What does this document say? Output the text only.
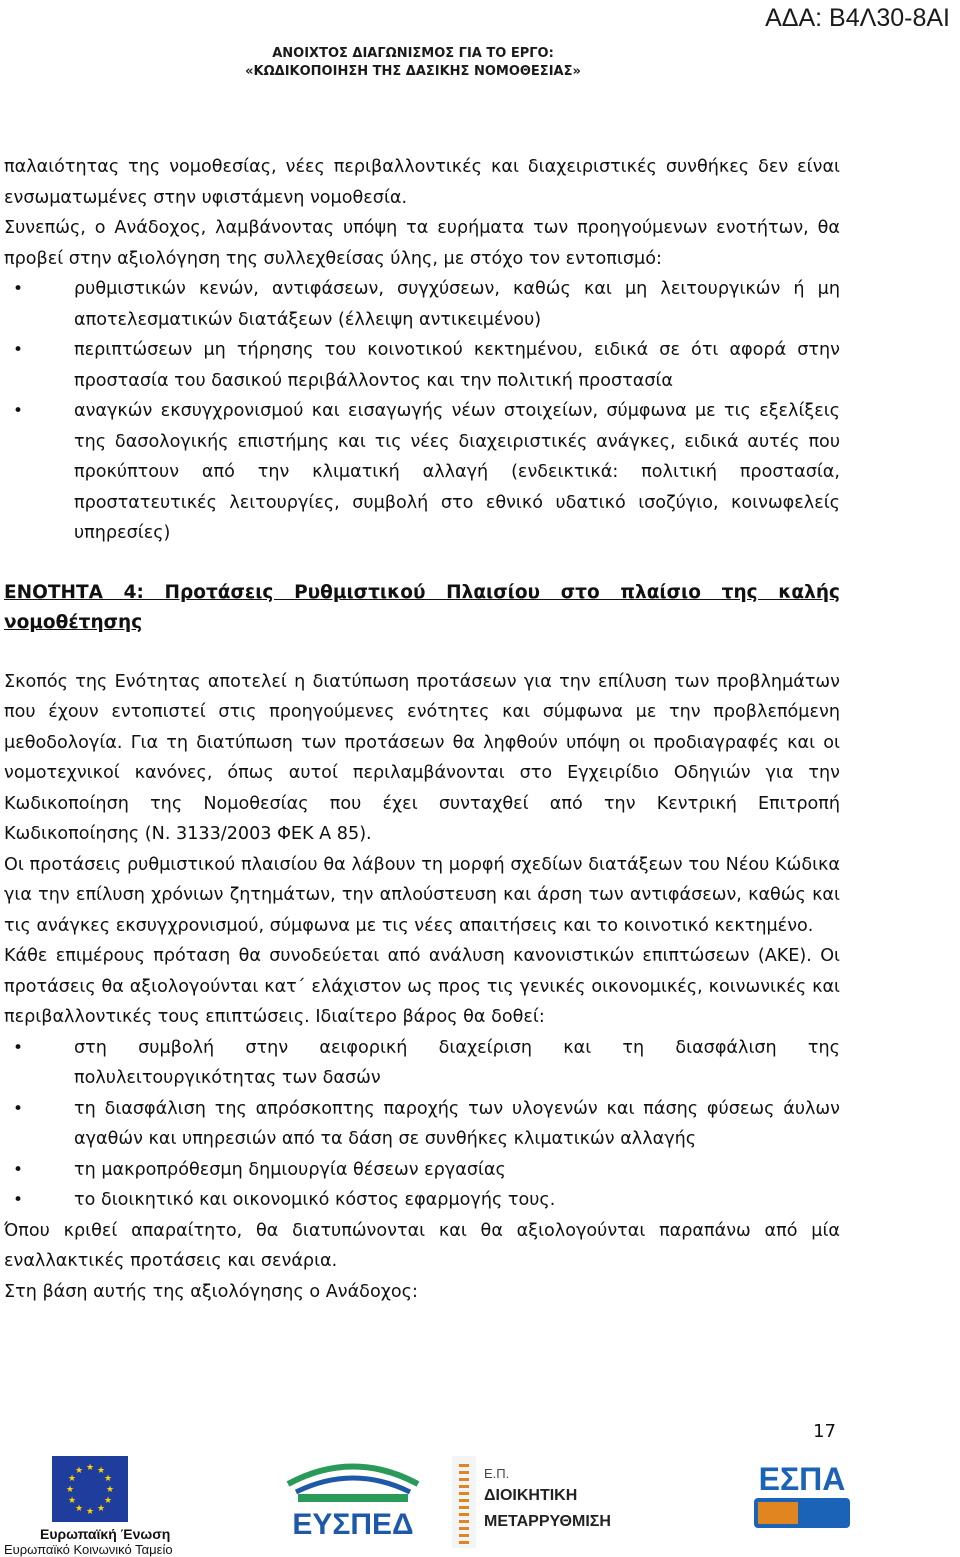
ΑΔΑ: Β4Λ30-8ΑΙ
ΑΝΟΙΧΤΟΣ ΔΙΑΓΩΝΙΣΜΟΣ ΓΙΑ ΤΟ ΕΡΓΟ:
«ΚΩΔΙΚΟΠΟΙΗΣΗ ΤΗΣ ΔΑΣΙΚΗΣ ΝΟΜΟΘΕΣΙΑΣ»

παλαιότητας της νομοθεσίας, νέες περιβαλλοντικές και διαχειριστικές συνθήκες δεν είναι ενσωματωμένες στην υφιστάμενη νομοθεσία.

Συνεπώς, ο Ανάδοχος, λαμβάνοντας υπόψη τα ευρήματα των προηγούμενων ενοτήτων, θα προβεί στην αξιολόγηση της συλλεχθείσας ύλης, με στόχο τον εντοπισμό:

•	ρυθμιστικών κενών, αντιφάσεων, συγχύσεων, καθώς και μη λειτουργικών ή μη αποτελεσματικών διατάξεων (έλλειψη αντικειμένου)

•	περιπτώσεων μη τήρησης του κοινοτικού κεκτημένου, ειδικά σε ότι αφορά στην προστασία του δασικού περιβάλλοντος και την πολιτική προστασία

•	αναγκών εκσυγχρονισμού και εισαγωγής νέων στοιχείων, σύμφωνα με τις εξελίξεις της δασολογικής επιστήμης και τις νέες διαχειριστικές ανάγκες, ειδικά αυτές που προκύπτουν από την κλιματική αλλαγή (ενδεικτικά: πολιτική προστασία, προστατευτικές λειτουργίες, συμβολή στο εθνικό υδατικό ισοζύγιο, κοινωφελείς υπηρεσίες)

ΕΝΟΤΗΤΑ 4: Προτάσεις Ρυθμιστικού Πλαισίου στο πλαίσιο της καλής νομοθέτησης

Σκοπός της Ενότητας αποτελεί η διατύπωση προτάσεων για την επίλυση των προβλημάτων που έχουν εντοπιστεί στις προηγούμενες ενότητες και σύμφωνα με την προβλεπόμενη μεθοδολογία. Για τη διατύπωση των προτάσεων θα ληφθούν υπόψη οι προδιαγραφές και οι νομοτεχνικοί κανόνες, όπως αυτοί περιλαμβάνονται στο Εγχειρίδιο Οδηγιών για την Κωδικοποίηση της Νομοθεσίας που έχει συνταχθεί από την Κεντρική Επιτροπή Κωδικοποίησης (Ν. 3133/2003 ΦΕΚ Α 85).

Οι προτάσεις ρυθμιστικού πλαισίου θα λάβουν τη μορφή σχεδίων διατάξεων του Νέου Κώδικα για την επίλυση χρόνιων ζητημάτων, την απλούστευση και άρση των αντιφάσεων, καθώς και τις ανάγκες εκσυγχρονισμού, σύμφωνα με τις νέες απαιτήσεις και το κοινοτικό κεκτημένο.

Κάθε επιμέρους πρόταση θα συνοδεύεται από ανάλυση κανονιστικών επιπτώσεων (ΑΚΕ). Οι προτάσεις θα αξιολογούνται κατ΄ ελάχιστον ως προς τις γενικές οικονομικές, κοινωνικές και περιβαλλοντικές τους επιπτώσεις. Ιδιαίτερο βάρος θα δοθεί:

•	στη συμβολή στην αειφορική διαχείριση και τη διασφάλιση της πολυλειτουργικότητας των δασών

•	τη διασφάλιση της απρόσκοπτης παροχής των υλογενών και πάσης φύσεως άυλων αγαθών και υπηρεσιών από τα δάση σε συνθήκες κλιματικών αλλαγής

•	τη μακροπρόθεσμη δημιουργία θέσεων εργασίας

•	το διοικητικό και οικονομικό κόστος εφαρμογής τους.

Όπου κριθεί απαραίτητο, θα διατυπώνονται και θα αξιολογούνται παραπάνω από μία εναλλακτικές προτάσεις και σενάρια.

Στη βάση αυτής της αξιολόγησης ο Ανάδοχος:

17
★ ★
★
★
★
★
★
★
★
★
★
★
Ευρωπαϊκή Ένωση
Ευρωπαϊκό Κοινωνικό Ταμείο
ΕΥΣΠΕΔ
Ε.Π.
ΔΙΟΙΚΗΤΙΚΗ
ΜΕΤΑΡΡΥΘΜΙΣΗ
ΕΣΠΑ
